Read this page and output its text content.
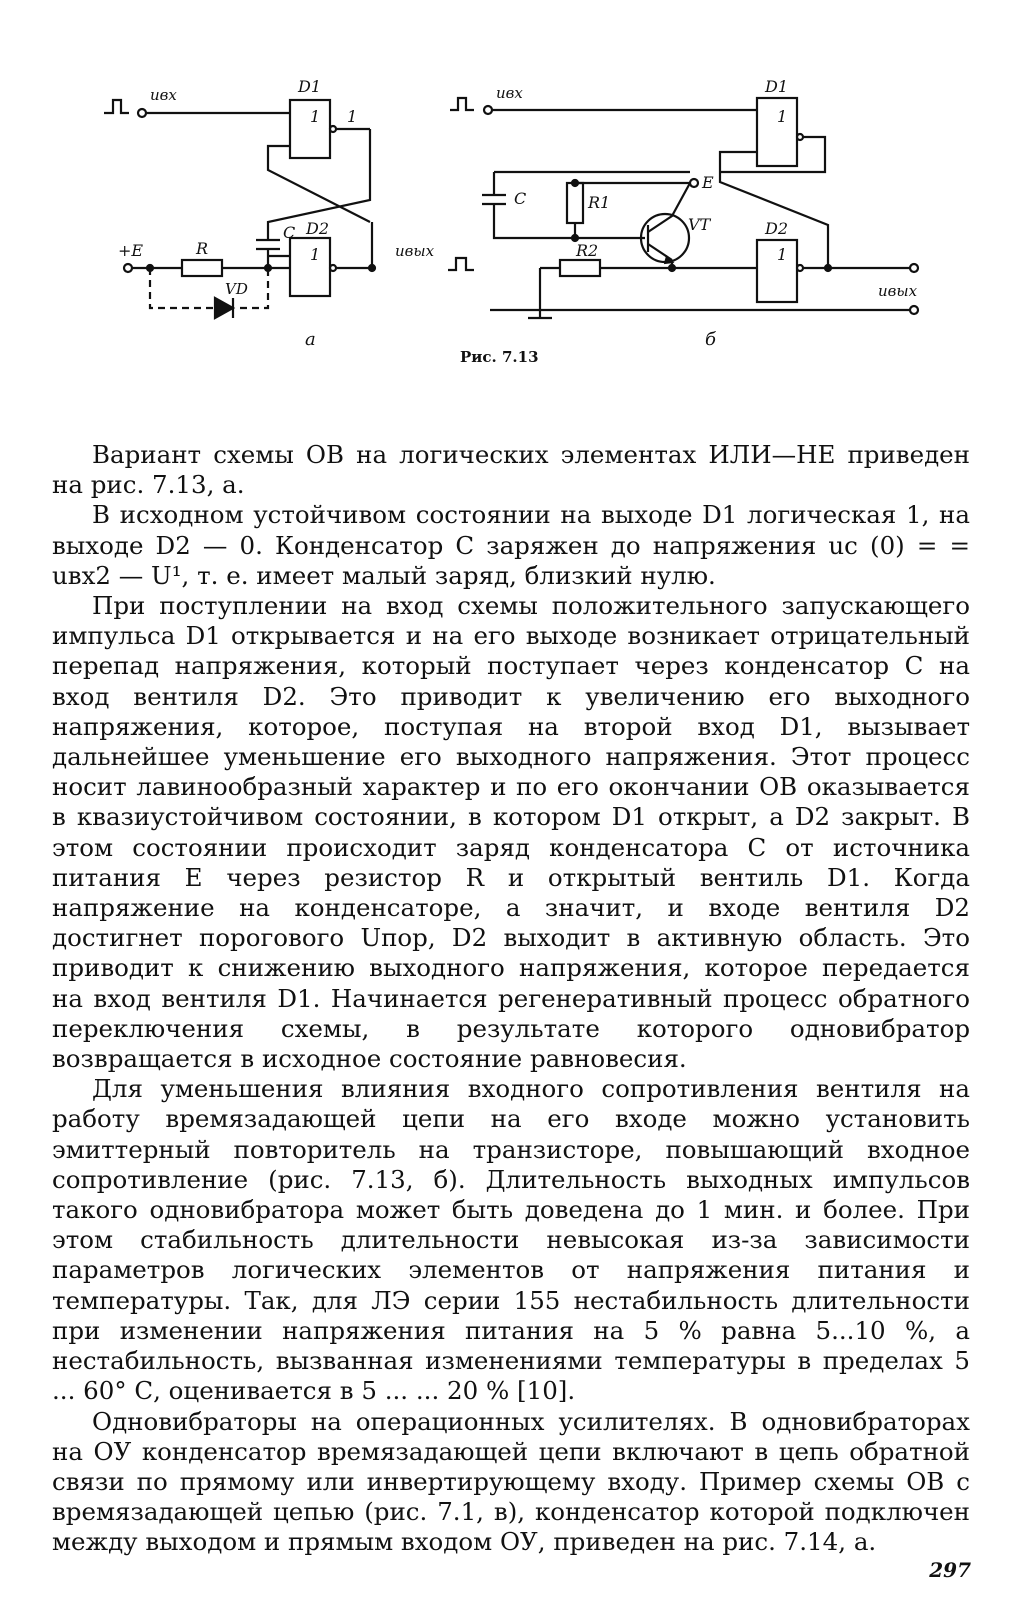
uвх	D1
1 1
C D2
1	uвых
+E	R
VD
а
uвх	D1
1
E
C	R1
VT
R2
D2
1
uвых
б
Рис. 7.13

Вариант схемы ОВ на логических элементах ИЛИ—НЕ приведен на рис. 7.13, а.

В исходном устойчивом состоянии на выходе D1 логическая 1, на выходе D2 — 0. Конденсатор C заряжен до напряжения uc (0) = = uвх2 — U¹, т. е. имеет малый заряд, близкий нулю.

При поступлении на вход схемы положительного запускающего импульса D1 открывается и на его выходе возникает отрицательный перепад напряжения, который поступает через конденсатор C на вход вентиля D2. Это приводит к увеличению его выходного напряжения, которое, поступая на второй вход D1, вызывает дальнейшее уменьшение его выходного напряжения. Этот процесс носит лавинообразный характер и по его окончании ОВ оказывается в квазиустойчивом состоянии, в котором D1 открыт, а D2 закрыт. В этом состоянии происходит заряд конденсатора C от источника питания E через резистор R и открытый вентиль D1. Когда напряжение на конденсаторе, а значит, и входе вентиля D2 достигнет порогового Uпор, D2 выходит в активную область. Это приводит к снижению выходного напряжения, которое передается на вход вентиля D1. Начинается регенеративный процесс обратного переключения схемы, в результате которого одновибратор возвращается в исходное состояние равновесия.

Для уменьшения влияния входного сопротивления вентиля на работу времязадающей цепи на его входе можно установить эмиттерный повторитель на транзисторе, повышающий входное сопротивление (рис. 7.13, б). Длительность выходных импульсов такого одновибратора может быть доведена до 1 мин. и более. При этом стабильность длительности невысокая из-за зависимости параметров логических элементов от напряжения питания и температуры. Так, для ЛЭ серии 155 нестабильность длительности при изменении напряжения питания на 5 % равна 5...10 %, а нестабильность, вызванная изменениями температуры в пределах 5 ... 60° С, оценивается в 5 ... ... 20 % [10].

Одновибраторы на операционных усилителях. В одновибраторах на ОУ конденсатор времязадающей цепи включают в цепь обратной связи по прямому или инвертирующему входу. Пример схемы ОВ с времязадающей цепью (рис. 7.1, в), конденсатор которой подключен между выходом и прямым входом ОУ, приведен на рис. 7.14, а.

297
